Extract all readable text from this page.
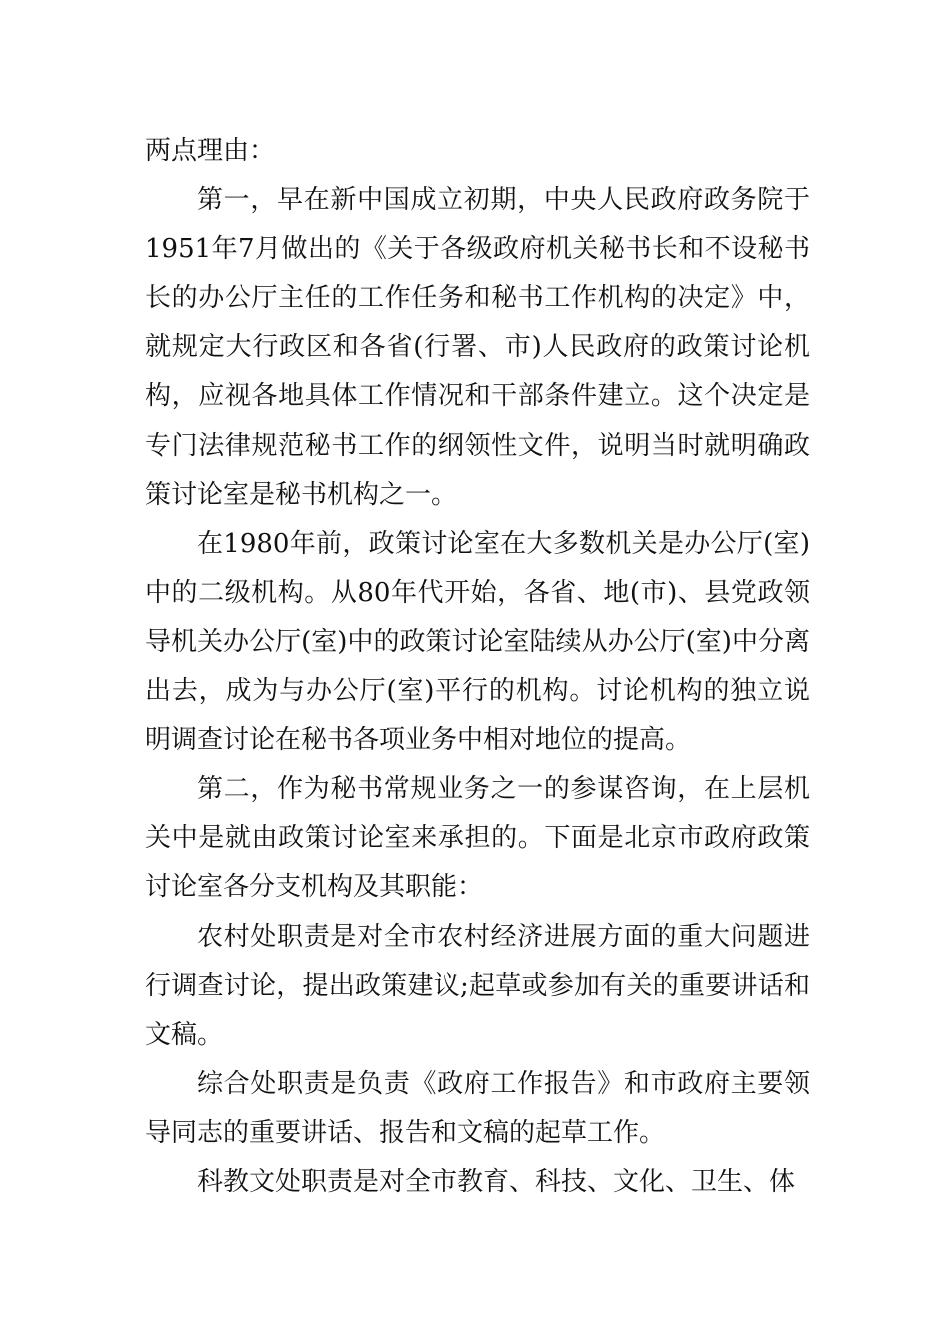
两点理由：

第一，早在新中国成立初期，中央人民政府政务院于1951年7月做出的《关于各级政府机关秘书长和不设秘书长的办公厅主任的工作任务和秘书工作机构的决定》中，就规定大行政区和各省(行署、市)人民政府的政策讨论机构，应视各地具体工作情况和干部条件建立。这个决定是专门法律规范秘书工作的纲领性文件，说明当时就明确政策讨论室是秘书机构之一。

在1980年前，政策讨论室在大多数机关是办公厅(室)中的二级机构。从80年代开始，各省、地(市)、县党政领导机关办公厅(室)中的政策讨论室陆续从办公厅(室)中分离出去，成为与办公厅(室)平行的机构。讨论机构的独立说明调查讨论在秘书各项业务中相对地位的提高。

第二，作为秘书常规业务之一的参谋咨询，在上层机关中是就由政策讨论室来承担的。下面是北京市政府政策讨论室各分支机构及其职能：

农村处职责是对全市农村经济进展方面的重大问题进行调查讨论，提出政策建议;起草或参加有关的重要讲话和文稿。

综合处职责是负责《政府工作报告》和市政府主要领导同志的重要讲话、报告和文稿的起草工作。

科教文处职责是对全市教育、科技、文化、卫生、体
